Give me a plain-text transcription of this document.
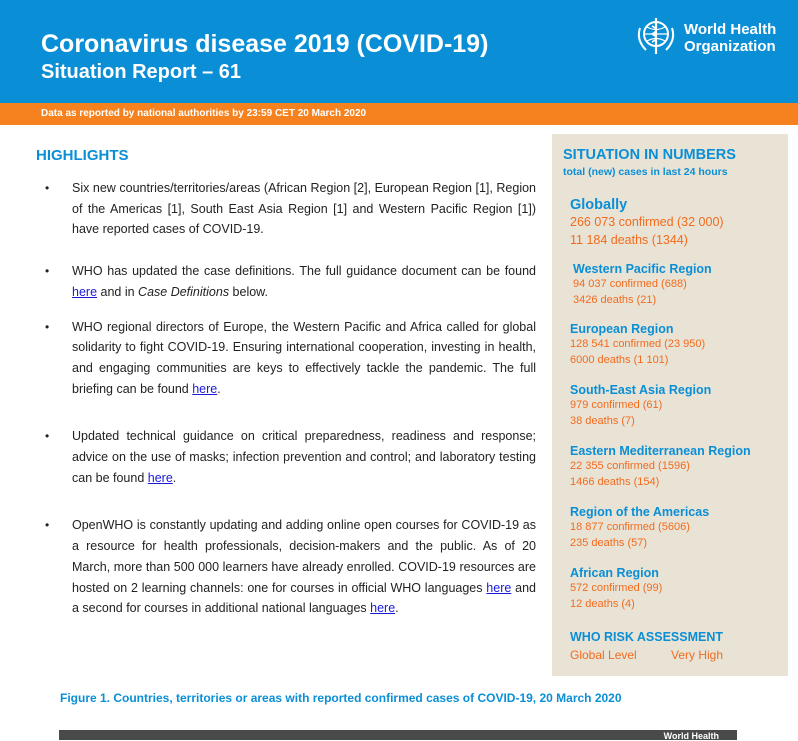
Coronavirus disease 2019 (COVID-19)
Situation Report – 61
World Health
Organization
Data as reported by national authorities by 23:59 CET 20 March 2020
HIGHLIGHTS
• Six new countries/territories/areas (African Region [2], European Region [1], Region of the Americas [1], South East Asia Region [1] and Western Pacific Region [1]) have reported cases of COVID-19.
• WHO has updated the case definitions. The full guidance document can be found here and in Case Definitions below.
• WHO regional directors of Europe, the Western Pacific and Africa called for global solidarity to fight COVID-19. Ensuring international cooperation, investing in health, and engaging communities are keys to effectively tackle the pandemic. The full briefing can be found here.
• Updated technical guidance on critical preparedness, readiness and response; advice on the use of masks; infection prevention and control; and laboratory testing can be found here.
• OpenWHO is constantly updating and adding online open courses for COVID-19 as a resource for health professionals, decision-makers and the public. As of 20 March, more than 500 000 learners have already enrolled. COVID-19 resources are hosted on 2 learning channels: one for courses in official WHO languages here and a second for courses in additional national languages here.
SITUATION IN NUMBERS
total (new) cases in last 24 hours
Globally
266 073 confirmed (32 000)
11 184 deaths (1344)
Western Pacific Region
94 037 confirmed (688)
3426 deaths (21)
European Region
128 541 confirmed (23 950)
6000 deaths (1 101)
South-East Asia Region
979 confirmed (61)
38 deaths (7)
Eastern Mediterranean Region
22 355 confirmed (1596)
1466 deaths (154)
Region of the Americas
18 877 confirmed (5606)
235 deaths (57)
African Region
572 confirmed (99)
12 deaths (4)
WHO RISK ASSESSMENT
Global Level	Very High
Figure 1. Countries, territories or areas with reported confirmed cases of COVID-19, 20 March 2020
World Health
